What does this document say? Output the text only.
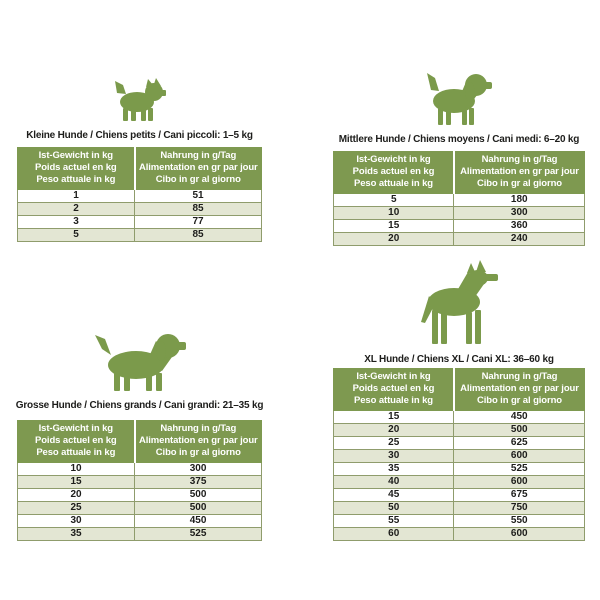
Kleine Hunde / Chiens petits / Cani piccoli: 1–5 kg
Ist-Gewicht in kg
Poids actuel en kg
Peso attuale in kg	Nahrung in g/Tag
Alimentation en gr par jour
Cibo in gr al giorno
1	51
2	85
3	77
5	85
Mittlere Hunde / Chiens moyens / Cani medi: 6–20 kg
Ist-Gewicht in kg
Poids actuel en kg
Peso attuale in kg	Nahrung in g/Tag
Alimentation en gr par jour
Cibo in gr al giorno
5	180
10	300
15	360
20	240
Grosse Hunde / Chiens grands / Cani grandi: 21–35 kg
Ist-Gewicht in kg
Poids actuel en kg
Peso attuale in kg	Nahrung in g/Tag
Alimentation en gr par jour
Cibo in gr al giorno
10	300
15	375
20	500
25	500
30	450
35	525
XL Hunde / Chiens XL / Cani XL: 36–60 kg
Ist-Gewicht in kg
Poids actuel en kg
Peso attuale in kg	Nahrung in g/Tag
Alimentation en gr par jour
Cibo in gr al giorno
15	450
20	500
25	625
30	600
35	525
40	600
45	675
50	750
55	550
60	600
